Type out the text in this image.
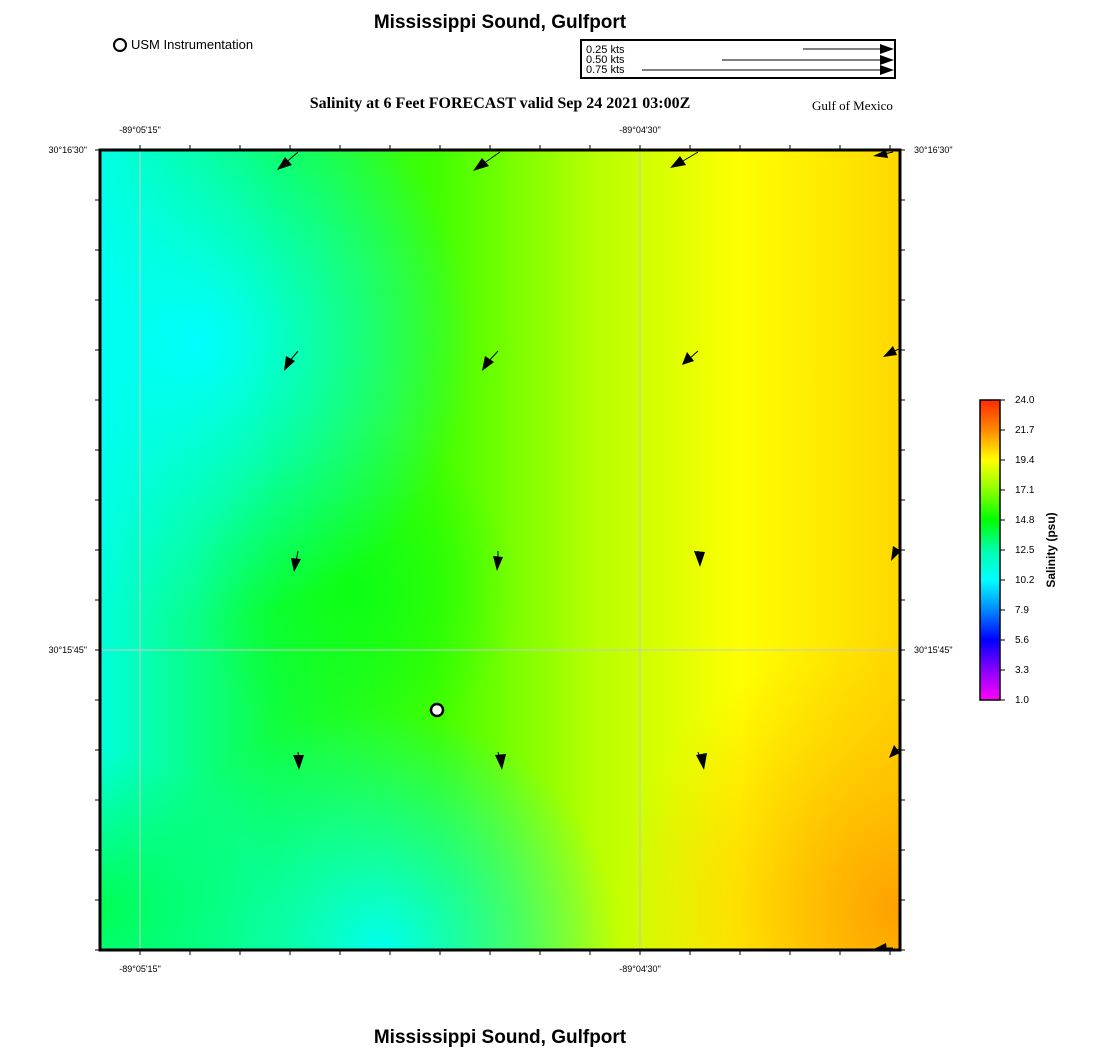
Mississippi Sound, Gulfport
USM Instrumentation
Salinity at 6 Feet FORECAST valid Sep 24 2021 03:00Z	Gulf of Mexico
Mississippi Sound, Gulfport
0.25 kts
0.50 kts
0.75 kts
-89°05'15"	-89°04'30"
-89°05'15"	-89°04'30"
30°16'30"
30°15'45"
30°16'30"
30°15'45"
24.0
21.7
19.4
17.1
14.8
12.5
10.2
7.9
5.6
3.3
1.0
Salinity (psu)
